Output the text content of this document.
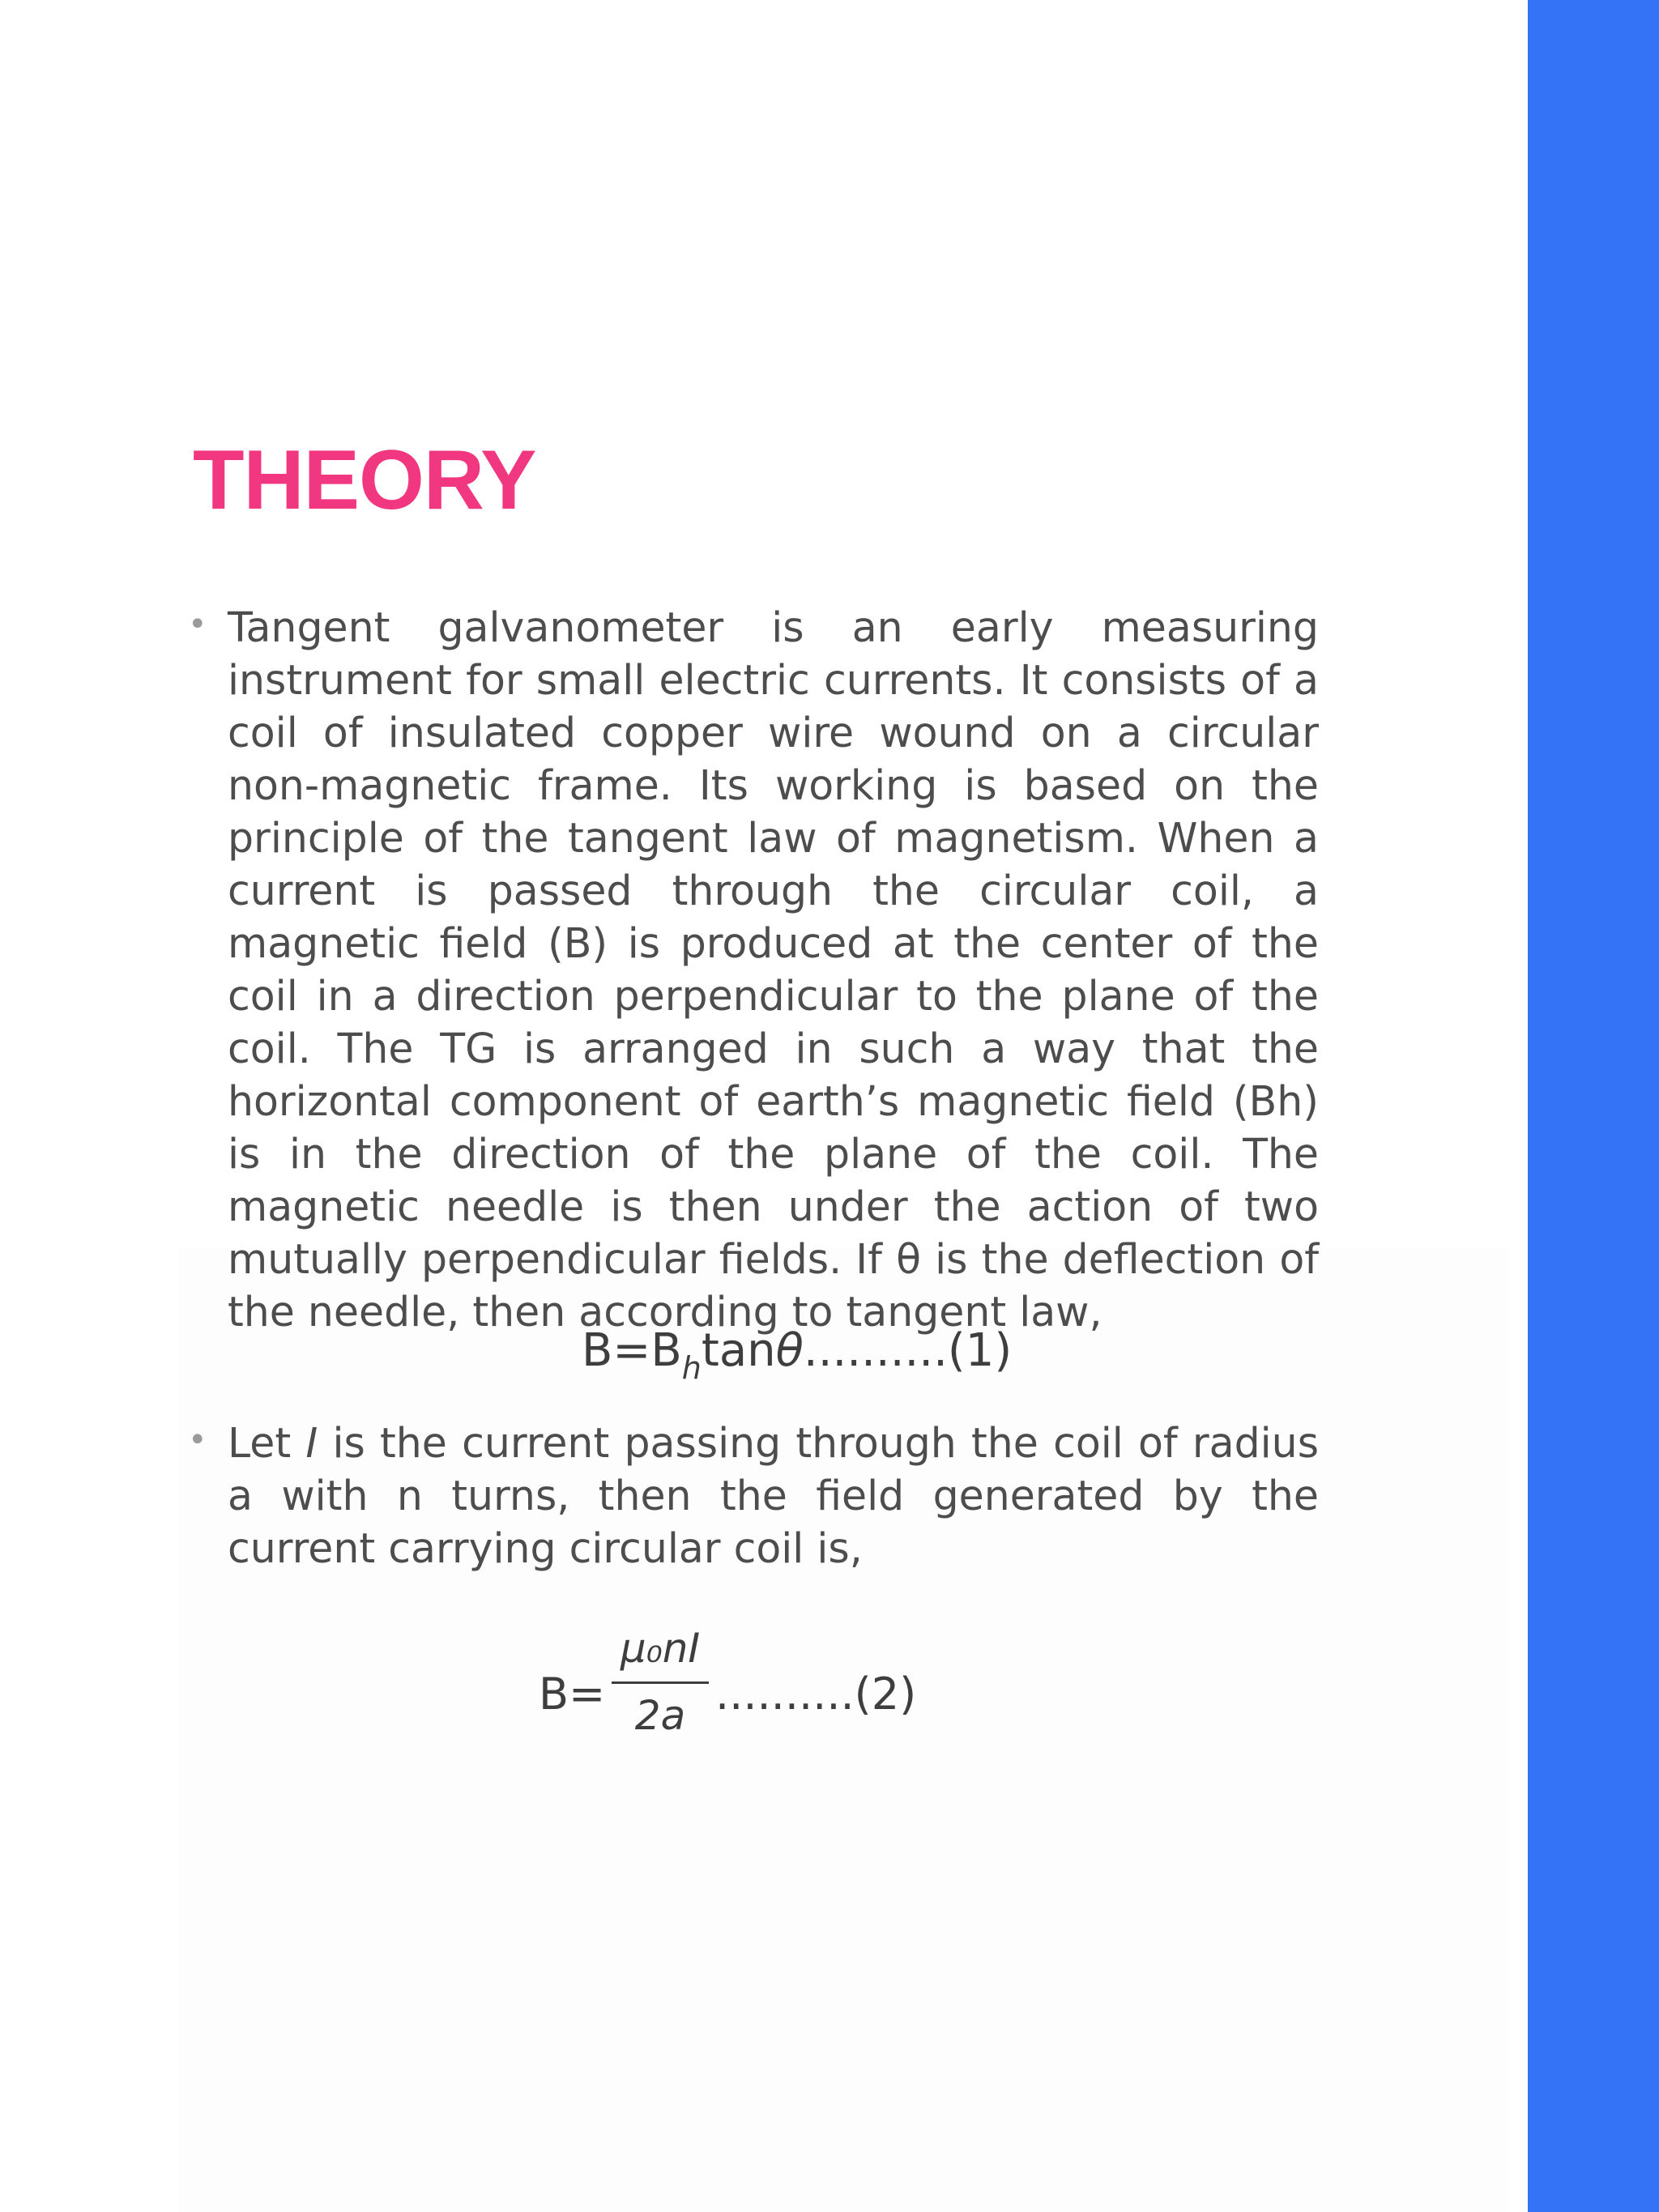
THEORY
• Tangent galvanometer is an early measuring instrument for small electric currents. It consists of a coil of insulated copper wire wound on a circular non-magnetic frame. Its working is based on the principle of the tangent law of magnetism. When a current is passed through the circular coil, a magnetic field (B) is produced at the center of the coil in a direction perpendicular to the plane of the coil. The TG is arranged in such a way that the horizontal component of earth’s magnetic field (Bh) is in the direction of the plane of the coil. The magnetic needle is then under the action of two mutually perpendicular fields. If θ is the deflection of the needle, then according to tangent law,

$B=B_h\tan\theta..........(1)$
• Let I is the current passing through the coil of radius a with n turns, then the field generated by the current carrying circular coil is,

B=
μ₀nI
2a ..........(2)
